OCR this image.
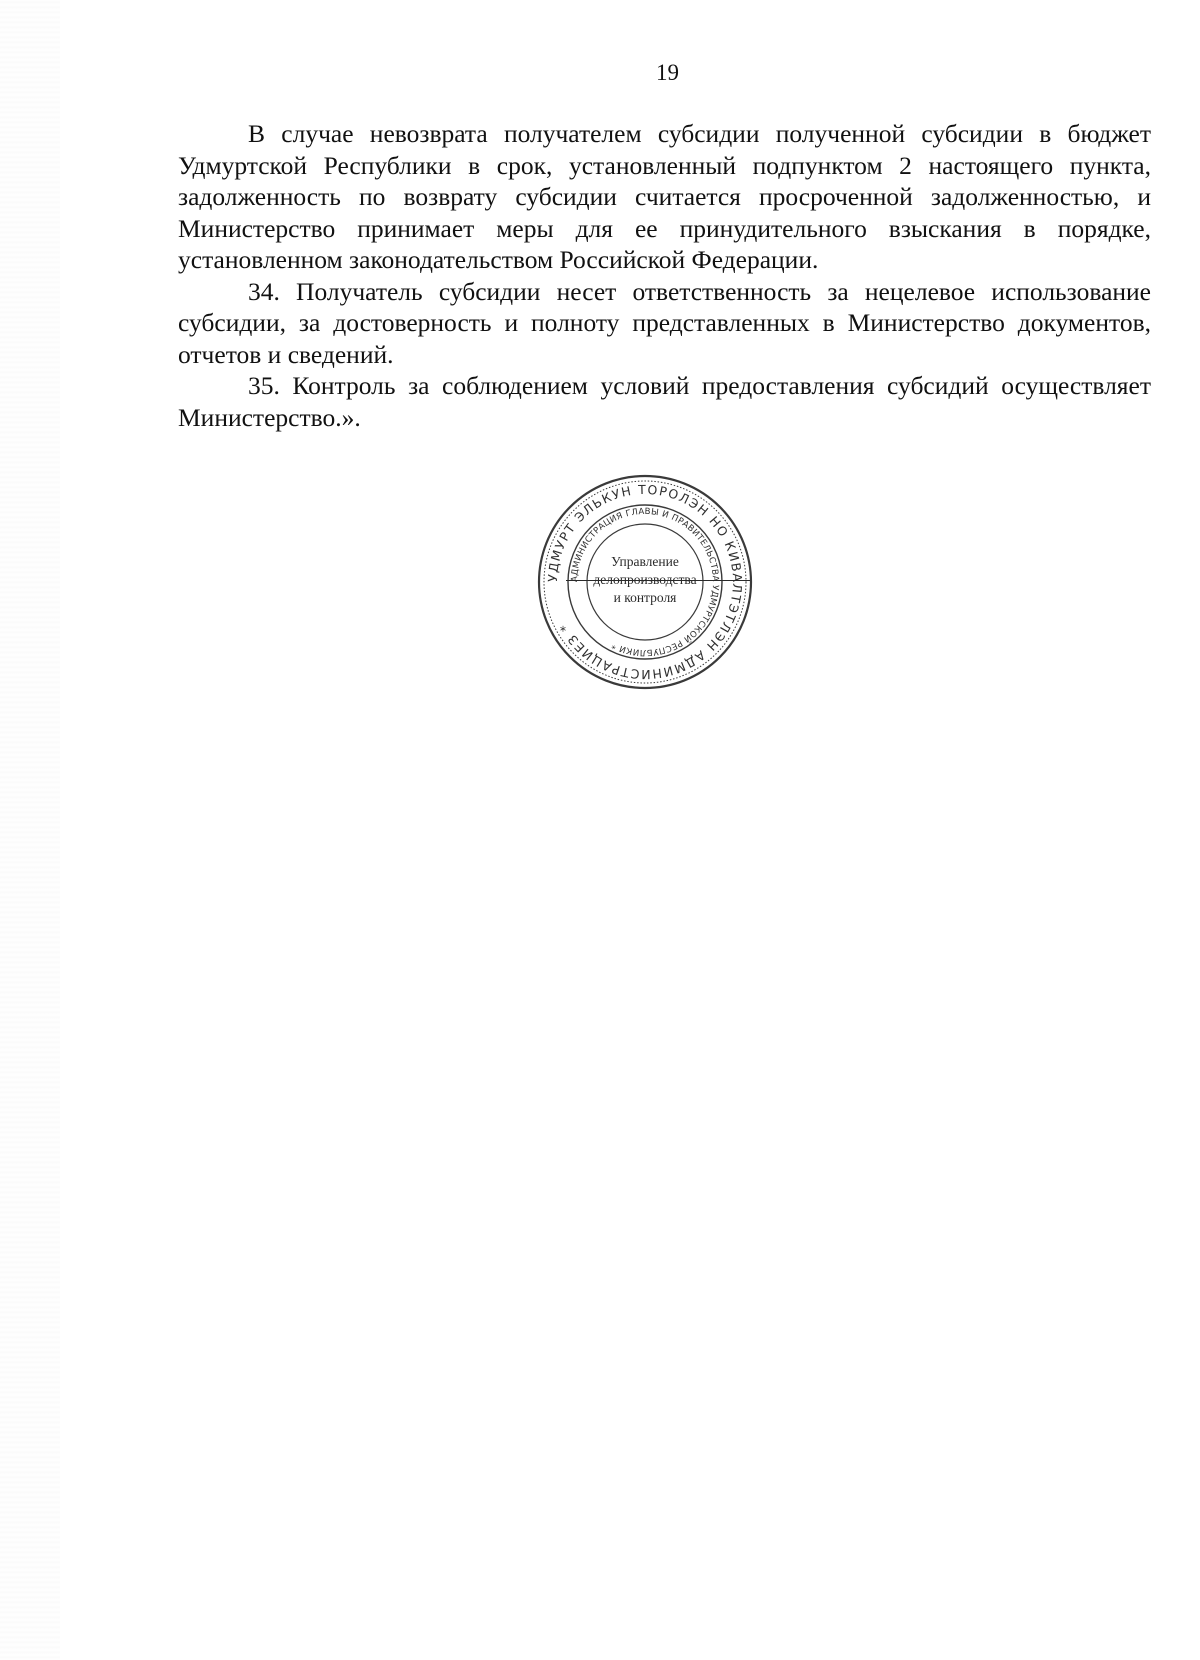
19

В случае невозврата получателем субсидии полученной субсидии в бюджет Удмуртской Республики в срок, установленный подпунктом 2 настоящего пункта, задолженность по возврату субсидии считается просроченной задолженностью, и Министерство принимает меры для ее принудительного взыскания в порядке, установленном законодательством Российской Федерации.

34. Получатель субсидии несет ответственность за нецелевое использование субсидии, за достоверность и полноту представленных в Министерство документов, отчетов и сведений.

35. Контроль за соблюдением условий предоставления субсидий осуществляет Министерство.».

УДМУРТ ЭЛЬКУН ТОРОЛЭН НО КИВАЛТЭТЛЭН АДМИНИСТРАЦИЕЗ *
АДМИНИСТРАЦИЯ ГЛАВЫ И ПРАВИТЕЛЬСТВА УДМУРТСКОЙ РЕСПУБЛИКИ *
Управление
делопроизводства
и контроля
